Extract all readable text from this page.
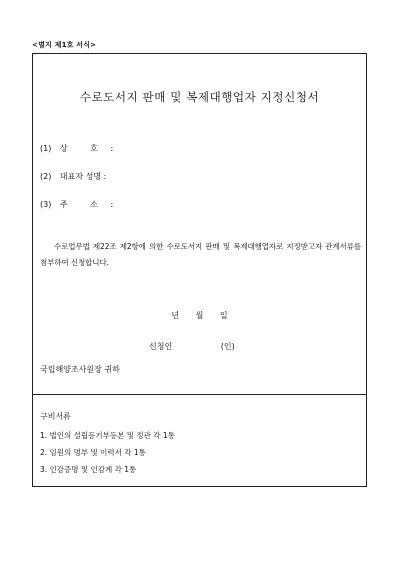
<별지 제1호 서식>
수로도서지 판매 및 복제대행업자 지정신청서
(1) 상 호 :
(2) 대표자 성명 :
(3) 주 소 :
수로업무법 제22조 제2항에 의한 수로도서지 판매 및 복제대행업자로 지정받고자 관계서류를 첨부하여 신청합니다.
년 월 일
신청인	(인)
국립해양조사원장 귀하
구비서류
1. 법인의 설립등기부등본 및 정관 각 1통
2. 임원의 명부 및 이력서 각 1통
3. 인감증명 및 인감계 각 1통
